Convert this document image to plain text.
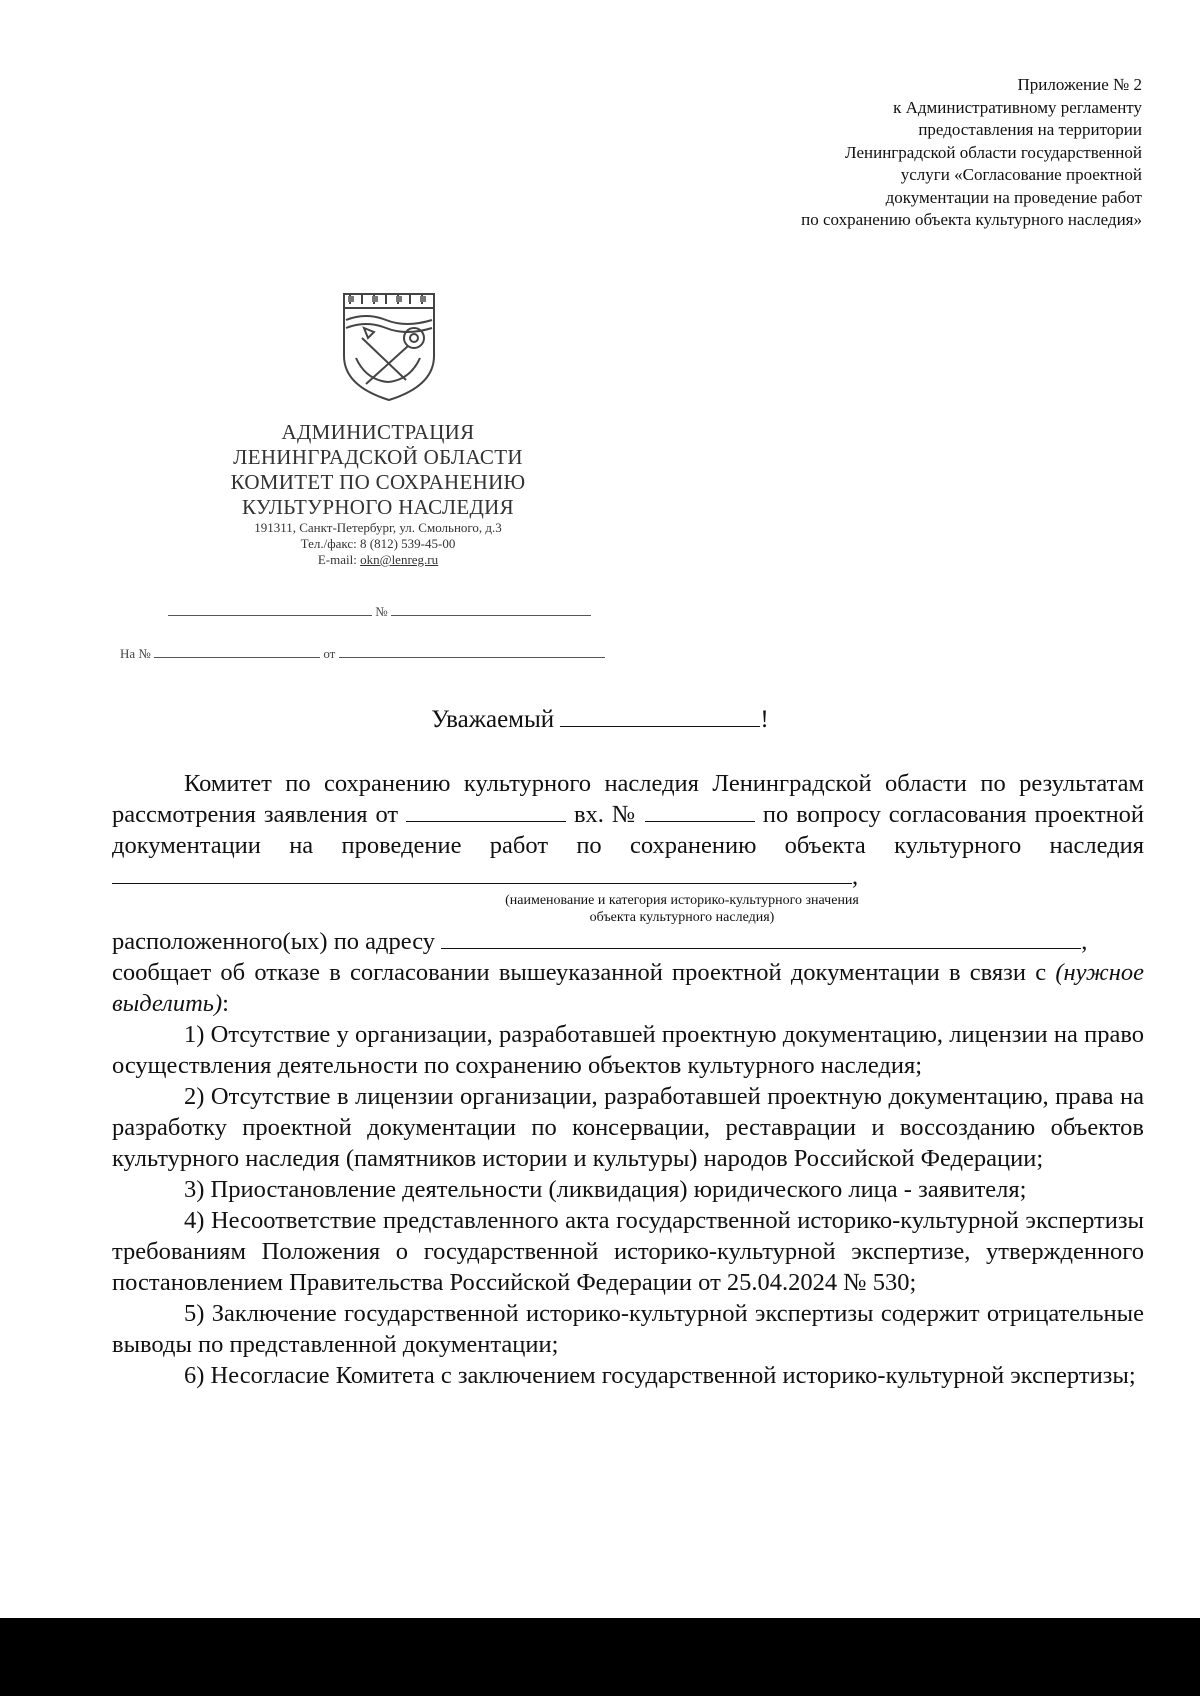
Приложение № 2
к Административному регламенту
предоставления на территории
Ленинградской области государственной
услуги «Согласование проектной
документации на проведение работ
по сохранению объекта культурного наследия»
АДМИНИСТРАЦИЯ
ЛЕНИНГРАДСКОЙ ОБЛАСТИ
КОМИТЕТ ПО СОХРАНЕНИЮ
КУЛЬТУРНОГО НАСЛЕДИЯ
191311, Санкт-Петербург, ул. Смольного, д.3
Тел./факс: 8 (812) 539-45-00
E-mail: okn@lenreg.ru
№
На №	от
Уважаемый	!

Комитет по сохранению культурного наследия Ленинградской области по результатам рассмотрения заявления от	вх. №	по вопросу согласования проектной документации на проведение работ по сохранению объекта культурного наследия ,

(наименование и категория историко-культурного значения
объекта культурного наследия)

расположенного(ых) по адресу	,

сообщает об отказе в согласовании вышеуказанной проектной документации в связи с (нужное выделить):

1) Отсутствие у организации, разработавшей проектную документацию, лицензии на право осуществления деятельности по сохранению объектов культурного наследия;

2) Отсутствие в лицензии организации, разработавшей проектную документацию, права на разработку проектной документации по консервации, реставрации и воссозданию объектов культурного наследия (памятников истории и культуры) народов Российской Федерации;

3) Приостановление деятельности (ликвидация) юридического лица - заявителя;

4) Несоответствие представленного акта государственной историко-культурной экспертизы требованиям Положения о государственной историко-культурной экспертизе, утвержденного постановлением Правительства Российской Федерации от 25.04.2024 № 530;

5) Заключение государственной историко-культурной экспертизы содержит отрицательные выводы по представленной документации;

6) Несогласие Комитета с заключением государственной историко-культурной экспертизы;
